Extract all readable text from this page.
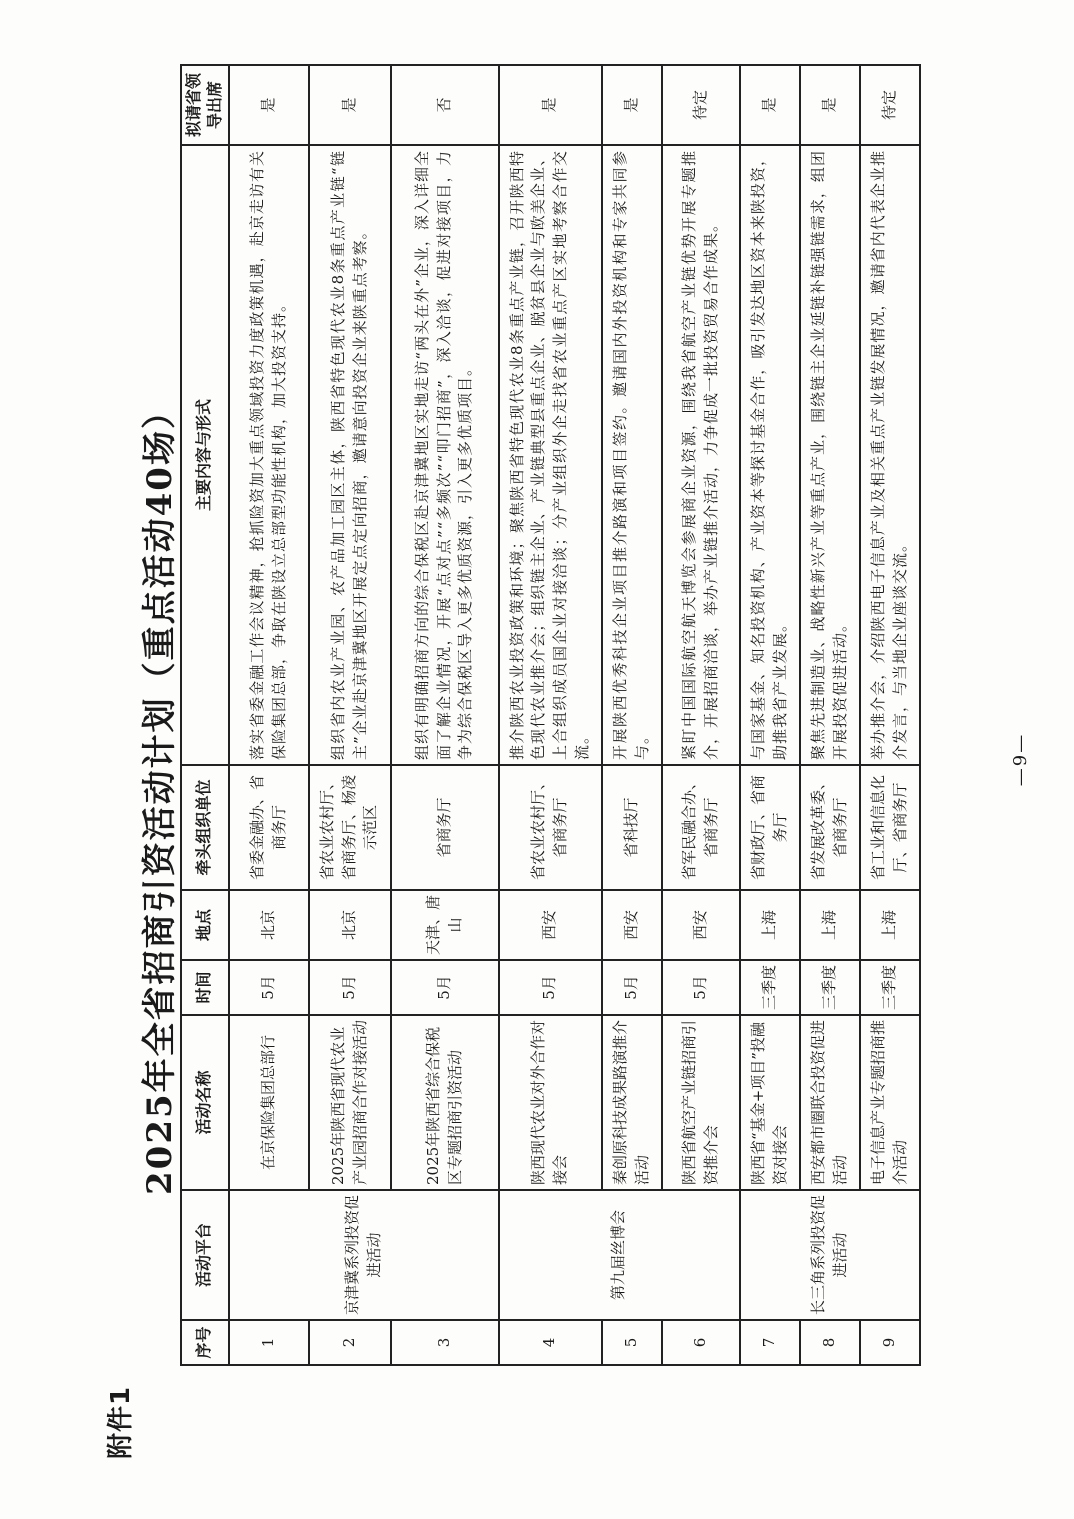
附件1
2025年全省招商引资活动计划（重点活动40场）
序号	活动平台	活动名称	时间	地点	牵头组织单位	主要内容与形式	拟请省领导出席
1	京津冀系列投资促进活动	在京保险集团总部行	5月	北京	省委金融办、省商务厅	落实省委金融工作会议精神，抢抓险资加大重点领域投资力度政策机遇，赴京走访有关保险集团总部，争取在陕设立总部型功能性机构，加大投资支持。	是
2		2025年陕西省现代农业产业园招商合作对接活动	5月	北京	省农业农村厅、省商务厅、杨凌示范区	组织省内农业产业园、农产品加工园区主体，陕西省特色现代农业8条重点产业链“链主”企业赴京津冀地区开展定点定向招商，邀请意向投资企业来陕重点考察。	是
3		2025年陕西省综合保税区专题招商引资活动	5月	天津、唐山	省商务厅	组织有明确招商方向的综合保税区赴京津冀地区实地走访“两头在外”企业，深入详细全面了解企业情况，开展“点对点”“多频次”“叩门招商”，深入洽谈，促进对接项目，力争为综合保税区导入更多优质资源，引入更多优质项目。	否
4	第九届丝博会	陕西现代农业对外合作对接会	5月	西安	省农业农村厅、省商务厅	推介陕西农业投资政策和环境；聚焦陕西省特色现代农业8条重点产业链，召开陕西特色现代农业推介会；组织链主企业、产业链典型县重点企业、脱贫县企业与欧美企业、上合组织成员国企业对接洽谈；分产业组织外企走找省农业重点产区实地考察合作交流。	是
5		秦创原科技成果路演推介活动	5月	西安	省科技厅	开展陕西优秀科技企业项目推介路演和项目签约。邀请国内外投资机构和专家共同参与。	是
6		陕西省航空产业链招商引资推介会	5月	西安	省军民融合办、省商务厅	紧盯中国国际航空航天博览会参展商企业资源，围绕我省航空产业链优势开展专题推介，开展招商洽谈，举办产业链推介活动，力争促成一批投资贸易合作成果。	待定
7	长三角系列投资促进活动	陕西省“基金+项目”投融资对接会	三季度	上海	省财政厅、省商务厅	与国家基金、知名投资机构、产业资本等探讨基金合作，吸引发达地区资本来陕投资，助推我省产业发展。	是
8		西安都市圈联合投资促进活动	三季度	上海	省发展改革委、省商务厅	聚焦先进制造业、战略性新兴产业等重点产业，围绕链主企业延链补链强链需求，组团开展投资促进活动。	是
9		电子信息产业专题招商推介活动	三季度	上海	省工业和信息化厅、省商务厅	举办推介会，介绍陕西电子信息产业及相关重点产业链发展情况，邀请省内代表企业推介发言，与当地企业座谈交流。	待定
—9—
